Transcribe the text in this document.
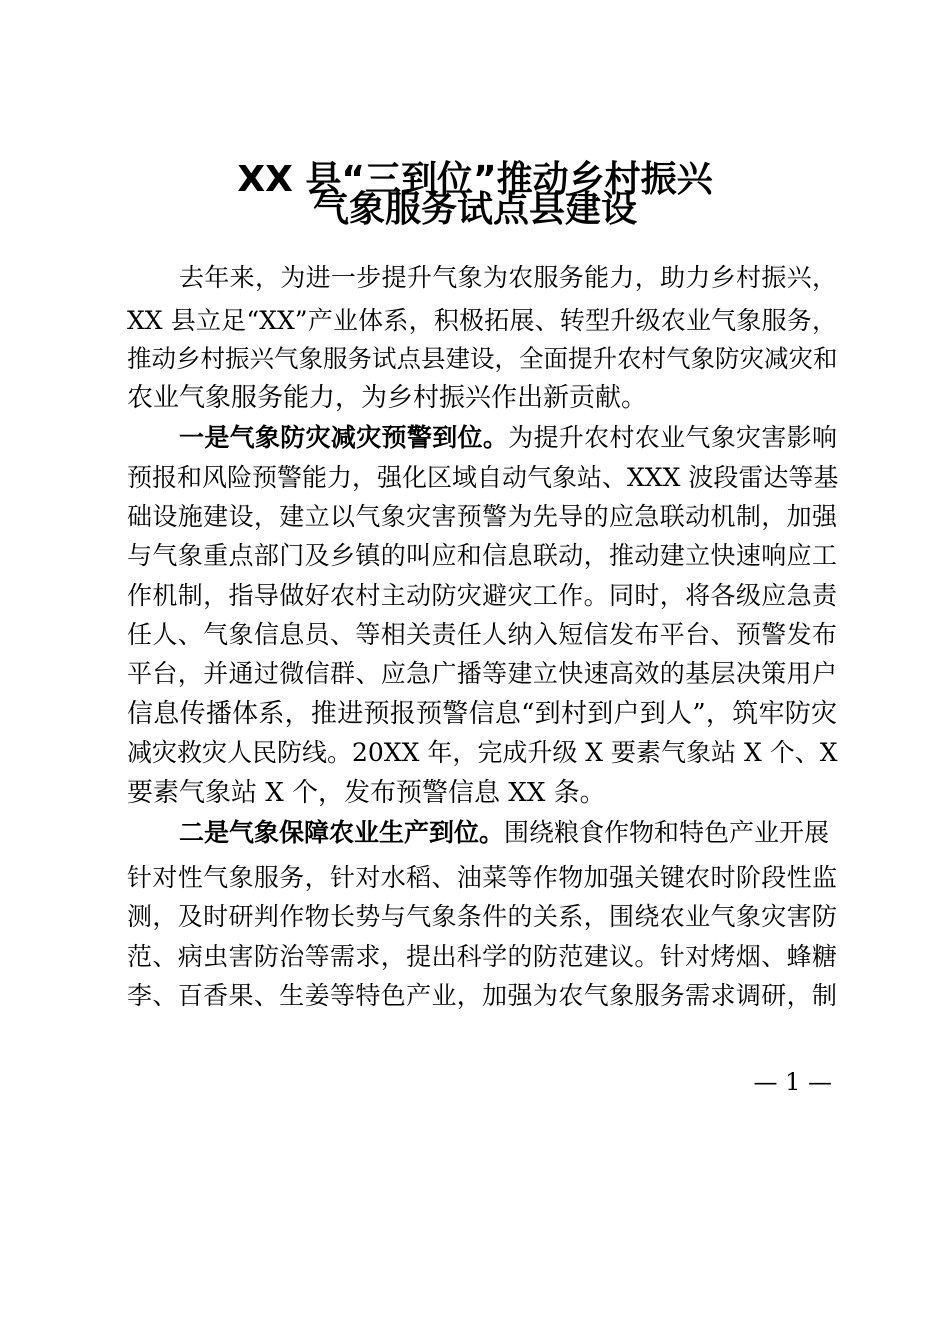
XX 县“三到位”推动乡村振兴
气象服务试点县建设
去年来，为进一步提升气象为农服务能力，助力乡村振兴，
XX 县立足“XX”产业体系，积极拓展、转型升级农业气象服务，
推动乡村振兴气象服务试点县建设，全面提升农村气象防灾减灾和
农业气象服务能力，为乡村振兴作出新贡献。
一是气象防灾减灾预警到位。为提升农村农业气象灾害影响
预报和风险预警能力，强化区域自动气象站、XXX 波段雷达等基
础设施建设，建立以气象灾害预警为先导的应急联动机制，加强
与气象重点部门及乡镇的叫应和信息联动，推动建立快速响应工
作机制，指导做好农村主动防灾避灾工作。同时，将各级应急责
任人、气象信息员、等相关责任人纳入短信发布平台、预警发布
平台，并通过微信群、应急广播等建立快速高效的基层决策用户
信息传播体系，推进预报预警信息“到村到户到人”，筑牢防灾
减灾救灾人民防线。20XX 年，完成升级 X 要素气象站 X 个、X
要素气象站 X 个，发布预警信息 XX 条。
二是气象保障农业生产到位。围绕粮食作物和特色产业开展
针对性气象服务，针对水稻、油菜等作物加强关键农时阶段性监
测，及时研判作物长势与气象条件的关系，围绕农业气象灾害防
范、病虫害防治等需求，提出科学的防范建议。针对烤烟、蜂糖
李、百香果、生姜等特色产业，加强为农气象服务需求调研，制
— 1 —
